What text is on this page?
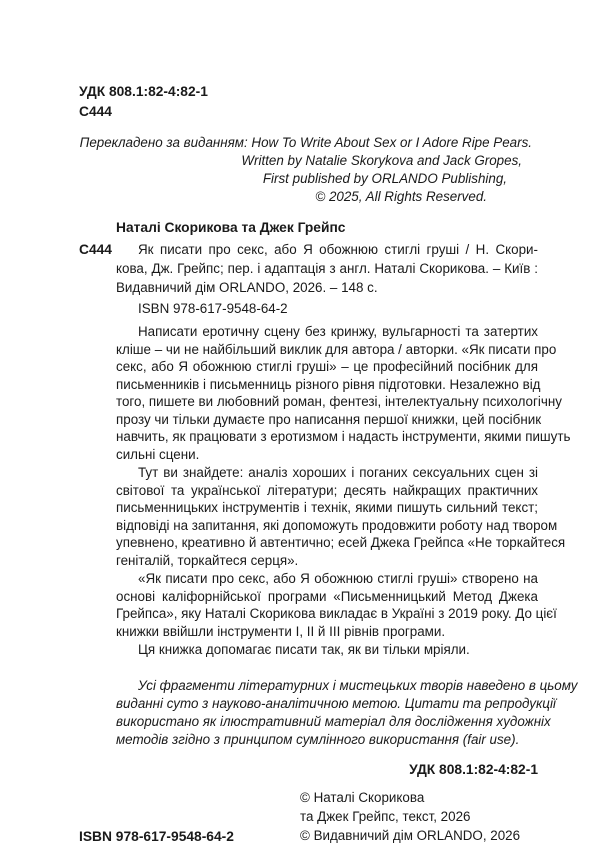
УДК 808.1:82-4:82-1
С444
Перекладено за виданням: How To Write About Sex or I Adore Ripe Pears.
Written by Natalie Skorykova and Jack Gropes,
First published by ORLANDO Publishing,
© 2025, All Rights Reserved.
Наталі Скорикова та Джек Грейпс
С444 Як писати про секс, або Я обожнюю стиглі груші / Н. Скори-
кова, Дж. Грейпс; пер. і адаптація з англ. Наталі Скорикова. – Київ :
Видавничий дім ORLANDO, 2026. – 148 с.
ISBN 978-617-9548-64-2
Написати еротичну сцену без кринжу, вульгарності та затертих
кліше – чи не найбільший виклик для автора / авторки. «Як писати про
секс, або Я обожнюю стиглі груші» – це професійний посібник для
письменників і письменниць різного рівня підготовки. Незалежно від
того, пишете ви любовний роман, фентезі, інтелектуальну психологічну
прозу чи тільки думаєте про написання першої книжки, цей посібник
навчить, як працювати з еротизмом і надасть інструменти, якими пишуть
сильні сцени.
Тут ви знайдете: аналіз хороших і поганих сексуальних сцен зі
світової та української літератури; десять найкращих практичних
письменницьких інструментів і технік, якими пишуть сильний текст;
відповіді на запитання, які допоможуть продовжити роботу над твором
упевнено, креативно й автентично; есей Джека Грейпса «Не торкайтеся
геніталій, торкайтеся серця».
«Як писати про секс, або Я обожнюю стиглі груші» створено на
основі каліфорнійської програми «Письменницький Метод Джека
Грейпса», яку Наталі Скорикова викладає в Україні з 2019 року. До цієї
книжки ввійшли інструменти I, II й III рівнів програми.
Ця книжка допомагає писати так, як ви тільки мріяли.
Усі фрагменти літературних і мистецьких творів наведено в цьому
виданні суто з науково-аналітичною метою. Цитати та репродукції
використано як ілюстративний матеріал для дослідження художніх
методів згідно з принципом сумлінного використання (fair use).
УДК 808.1:82-4:82-1
© Наталі Скорикова
та Джек Грейпс, текст, 2026
© Видавничий дім ORLANDO, 2026
ISBN 978-617-9548-64-2
